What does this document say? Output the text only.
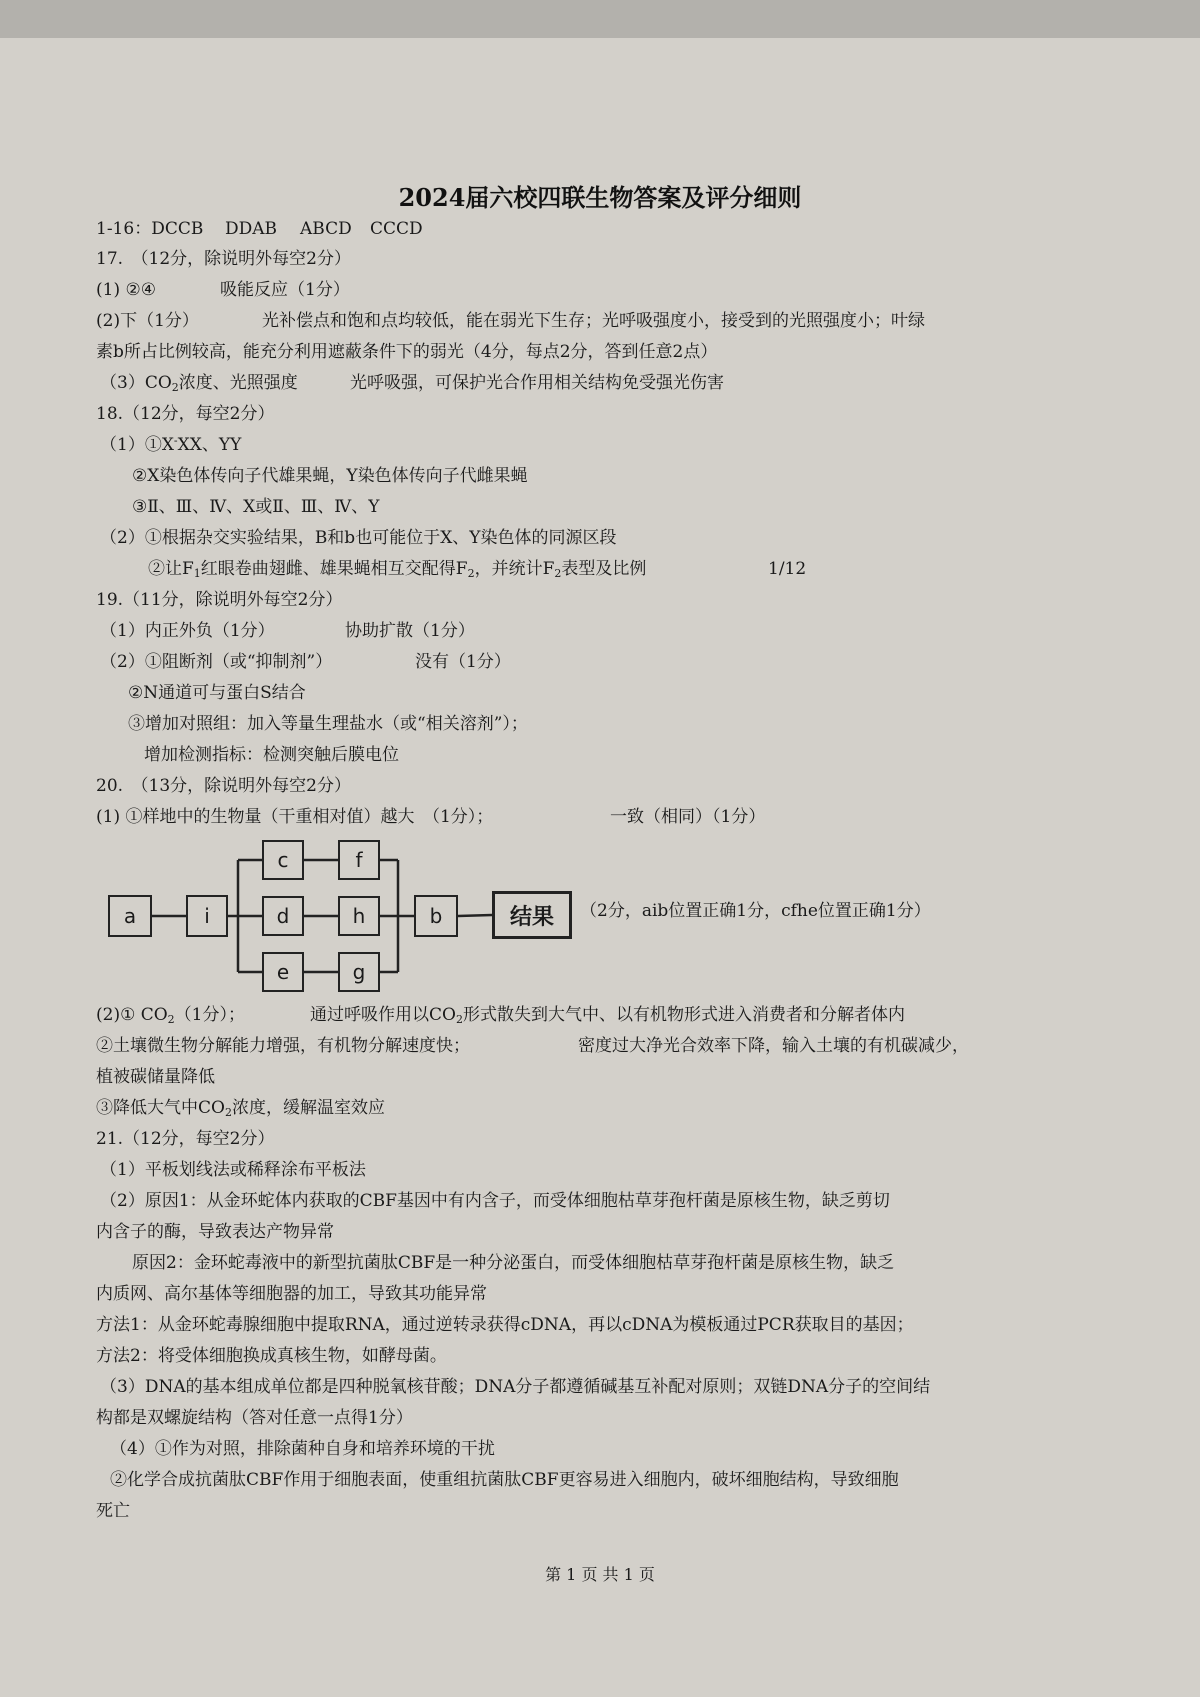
2024届六校四联生物答案及评分细则
第 1 页 共 1 页
1-16：DCCB DDAB ABCD CCCD
17.　（12分，除说明外每空2分）
(1) ②④	吸能反应（1分）
(2)下（1分）	光补偿点和饱和点均较低，能在弱光下生存；光呼吸强度小，接受到的光照强度小；叶绿
素b所占比例较高，能充分利用遮蔽条件下的弱光（4分，每点2分，答到任意2点）
$(3)CO_2$浓度、光照强度	光呼吸强，可保护光合作用相关结构免受强光伤害
18.（12分，每空2分）
（1）①X-XX、YY
②X染色体传向子代雄果蝇，Y染色体传向子代雌果蝇
③Ⅱ、Ⅲ、Ⅳ、X或Ⅱ、Ⅲ、Ⅳ、Y
（2）①根据杂交实验结果，B和b也可能位于X、Y染色体的同源区段
②让$F_1$红眼卷曲翅雌、雄果蝇相互交配得$F_2$，并统计$F_2$表型及比例	1/12
19.（11分，除说明外每空2分）
（1）内正外负（1分）	协助扩散（1分）
（2）①阻断剂（或“抑制剂”）	没有（1分）
②N通道可与蛋白S结合
③增加对照组：加入等量生理盐水（或“相关溶剂”）；
增加检测指标：检测突触后膜电位
20.　（13分，除说明外每空2分）
(1) ①样地中的生物量（干重相对值）越大　（1分）；	一致（相同）（1分）
（2分，aib位置正确1分，cfhe位置正确1分）
(2)① $CO_2(1$分）；	通过呼吸作用以$CO_2$形式散失到大气中、以有机物形式进入消费者和分解者体内
②土壤微生物分解能力增强，有机物分解速度快；	密度过大净光合效率下降，输入土壤的有机碳减少，
植被碳储量降低
③降低大气中$CO_2$浓度，缓解温室效应
21.（12分，每空2分）
（1）平板划线法或稀释涂布平板法
（2）原因1：从金环蛇体内获取的CBF基因中有内含子，而受体细胞枯草芽孢杆菌是原核生物，缺乏剪切
内含子的酶，导致表达产物异常
原因2：金环蛇毒液中的新型抗菌肽CBF是一种分泌蛋白，而受体细胞枯草芽孢杆菌是原核生物，缺乏
内质网、高尔基体等细胞器的加工，导致其功能异常
方法1：从金环蛇毒腺细胞中提取RNA，通过逆转录获得cDNA，再以cDNA为模板通过PCR获取目的基因；
方法2：将受体细胞换成真核生物，如酵母菌。
（3）DNA的基本组成单位都是四种脱氧核苷酸；DNA分子都遵循碱基互补配对原则；双链DNA分子的空间结
构都是双螺旋结构（答对任意一点得1分）
（4）①作为对照，排除菌种自身和培养环境的干扰
②化学合成抗菌肽CBF作用于细胞表面，使重组抗菌肽CBF更容易进入细胞内，破坏细胞结构，导致细胞
死亡
a	i
c
d
e
f
h
g
b	结果
